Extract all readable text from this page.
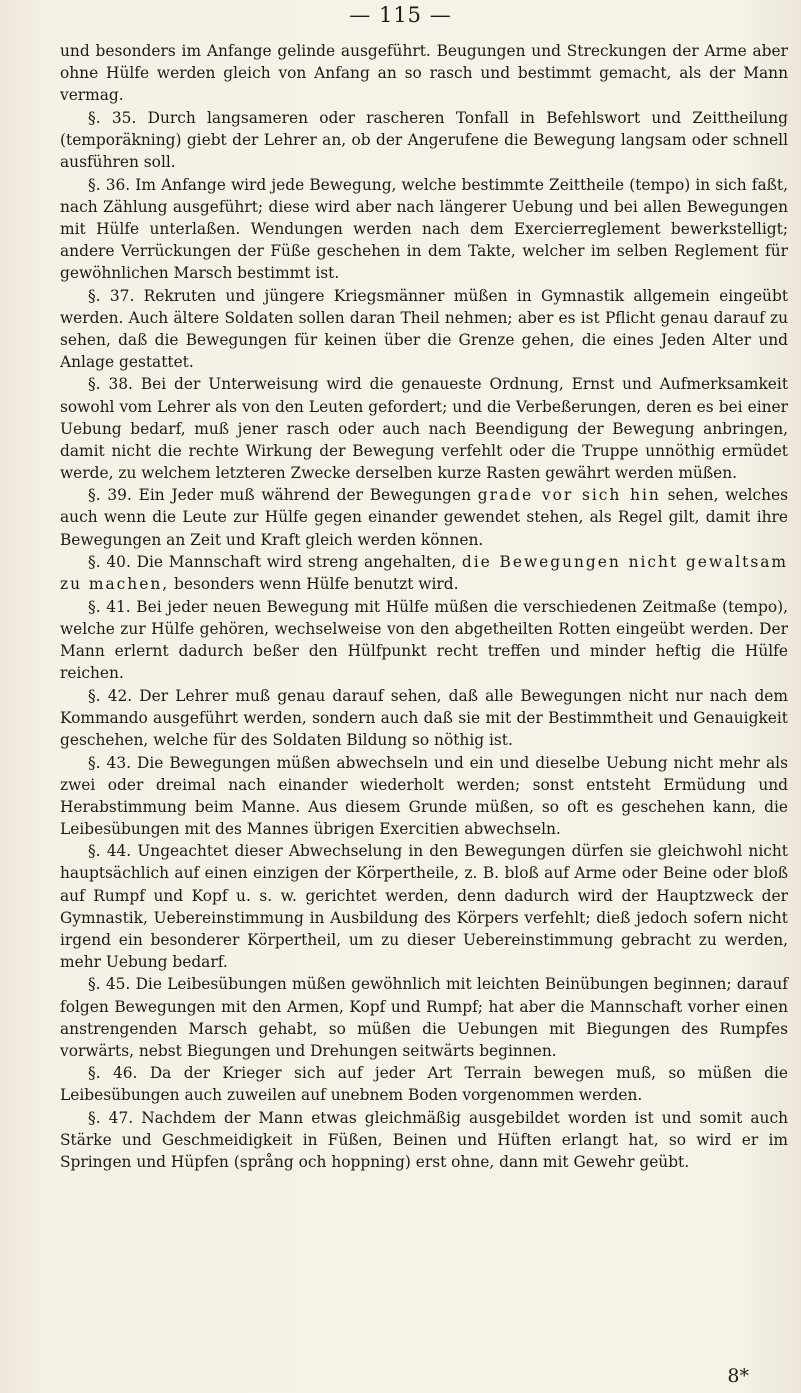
— 115 —

und besonders im Anfange gelinde ausgeführt. Beugungen und Streckungen der Arme aber ohne Hülfe werden gleich von Anfang an so rasch und bestimmt gemacht, als der Mann vermag.

§. 35. Durch langsameren oder rascheren Tonfall in Befehlswort und Zeittheilung (temporäkning) giebt der Lehrer an, ob der Angerufene die Bewegung langsam oder schnell ausführen soll.

§. 36. Im Anfange wird jede Bewegung, welche bestimmte Zeittheile (tempo) in sich faßt, nach Zählung ausgeführt; diese wird aber nach längerer Uebung und bei allen Bewegungen mit Hülfe unterlaßen. Wendungen werden nach dem Exercierreglement bewerkstelligt; andere Verrückungen der Füße geschehen in dem Takte, welcher im selben Reglement für gewöhnlichen Marsch bestimmt ist.

§. 37. Rekruten und jüngere Kriegsmänner müßen in Gymnastik allgemein eingeübt werden. Auch ältere Soldaten sollen daran Theil nehmen; aber es ist Pflicht genau darauf zu sehen, daß die Bewegungen für keinen über die Grenze gehen, die eines Jeden Alter und Anlage gestattet.

§. 38. Bei der Unterweisung wird die genaueste Ordnung, Ernst und Aufmerksamkeit sowohl vom Lehrer als von den Leuten gefordert; und die Verbeßerungen, deren es bei einer Uebung bedarf, muß jener rasch oder auch nach Beendigung der Bewegung anbringen, damit nicht die rechte Wirkung der Bewegung verfehlt oder die Truppe unnöthig ermüdet werde, zu welchem letzteren Zwecke derselben kurze Rasten gewährt werden müßen.

§. 39. Ein Jeder muß während der Bewegungen grade vor sich hin sehen, welches auch wenn die Leute zur Hülfe gegen einander gewendet stehen, als Regel gilt, damit ihre Bewegungen an Zeit und Kraft gleich werden können.

§. 40. Die Mannschaft wird streng angehalten, die Bewegungen nicht gewaltsam zu machen, besonders wenn Hülfe benutzt wird.

§. 41. Bei jeder neuen Bewegung mit Hülfe müßen die verschiedenen Zeitmaße (tempo), welche zur Hülfe gehören, wechselweise von den abgetheilten Rotten eingeübt werden. Der Mann erlernt dadurch beßer den Hülfpunkt recht treffen und minder heftig die Hülfe reichen.

§. 42. Der Lehrer muß genau darauf sehen, daß alle Bewegungen nicht nur nach dem Kommando ausgeführt werden, sondern auch daß sie mit der Bestimmtheit und Genauigkeit geschehen, welche für des Soldaten Bildung so nöthig ist.

§. 43. Die Bewegungen müßen abwechseln und ein und dieselbe Uebung nicht mehr als zwei oder dreimal nach einander wiederholt werden; sonst entsteht Ermüdung und Herabstimmung beim Manne. Aus diesem Grunde müßen, so oft es geschehen kann, die Leibesübungen mit des Mannes übrigen Exercitien abwechseln.

§. 44. Ungeachtet dieser Abwechselung in den Bewegungen dürfen sie gleichwohl nicht hauptsächlich auf einen einzigen der Körpertheile, z. B. bloß auf Arme oder Beine oder bloß auf Rumpf und Kopf u. s. w. gerichtet werden, denn dadurch wird der Hauptzweck der Gymnastik, Uebereinstimmung in Ausbildung des Körpers verfehlt; dieß jedoch sofern nicht irgend ein besonderer Körpertheil, um zu dieser Uebereinstimmung gebracht zu werden, mehr Uebung bedarf.

§. 45. Die Leibesübungen müßen gewöhnlich mit leichten Beinübungen beginnen; darauf folgen Bewegungen mit den Armen, Kopf und Rumpf; hat aber die Mannschaft vorher einen anstrengenden Marsch gehabt, so müßen die Uebungen mit Biegungen des Rumpfes vorwärts, nebst Biegungen und Drehungen seitwärts beginnen.

§. 46. Da der Krieger sich auf jeder Art Terrain bewegen muß, so müßen die Leibesübungen auch zuweilen auf unebnem Boden vorgenommen werden.

§. 47. Nachdem der Mann etwas gleichmäßig ausgebildet worden ist und somit auch Stärke und Geschmeidigkeit in Füßen, Beinen und Hüften erlangt hat, so wird er im Springen und Hüpfen (språng och hoppning) erst ohne, dann mit Gewehr geübt.

8*
